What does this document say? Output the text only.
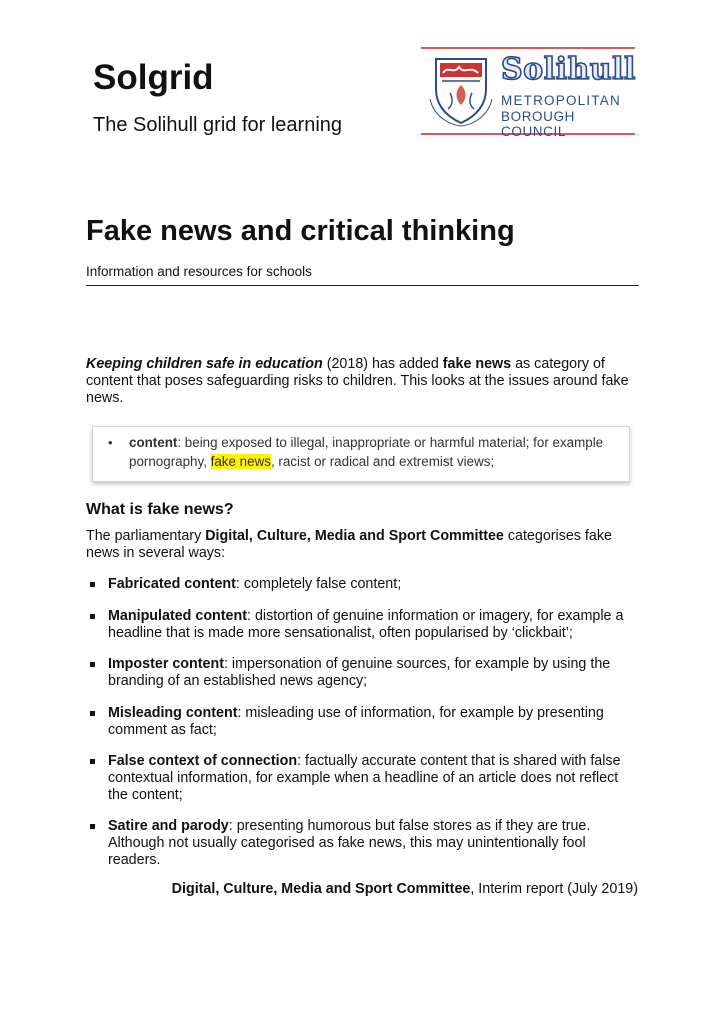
Solgrid
The Solihull grid for learning
Solihull
METROPOLITAN
BOROUGH COUNCIL
Fake news and critical thinking
Information and resources for schools
Keeping children safe in education (2018) has added fake news as category of content that poses safeguarding risks to children. This looks at the issues around fake news.
• content: being exposed to illegal, inappropriate or harmful material; for example pornography, fake news, racist or radical and extremist views;
What is fake news?
The parliamentary Digital, Culture, Media and Sport Committee categorises fake news in several ways:
Fabricated content: completely false content;
Manipulated content: distortion of genuine information or imagery, for example a headline that is made more sensationalist, often popularised by ‘clickbait’;
Imposter content: impersonation of genuine sources, for example by using the branding of an established news agency;
Misleading content: misleading use of information, for example by presenting comment as fact;
False context of connection: factually accurate content that is shared with false contextual information, for example when a headline of an article does not reflect the content;
Satire and parody: presenting humorous but false stores as if they are true. Although not usually categorised as fake news, this may unintentionally fool readers.
Digital, Culture, Media and Sport Committee, Interim report (July 2019)
